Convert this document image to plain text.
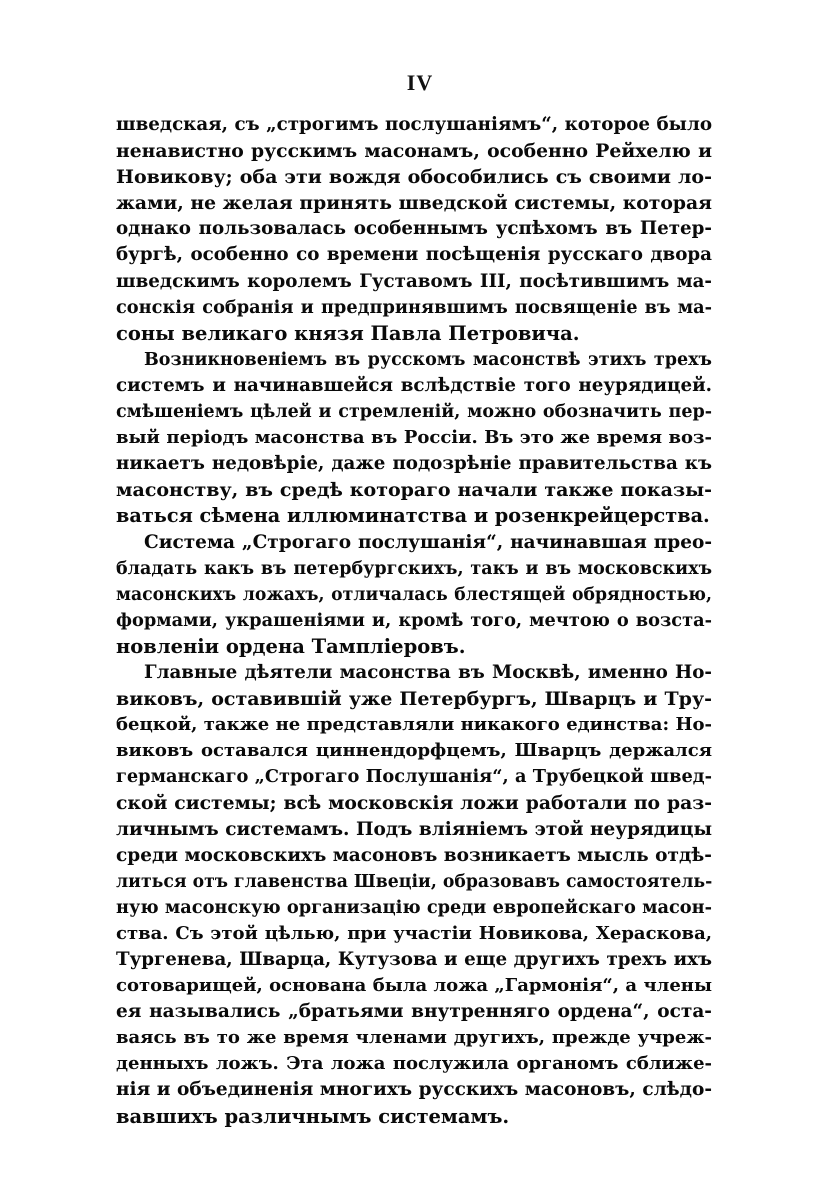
IV
шведская, съ „строгимъ послушаніямъ“, которое было
ненавистно русскимъ масонамъ, особенно Рейхелю и
Новикову; оба эти вождя обособились съ своими ло-
жами, не желая принять шведской системы, которая
однако пользовалась особеннымъ успѣхомъ въ Петер-
бургѣ, особенно со времени посѣщенія русскаго двора
шведскимъ королемъ Густавомъ III, посѣтившимъ ма-
сонскія собранія и предпринявшимъ посвященіе въ ма-
соны великаго князя Павла Петровича.
Возникновеніемъ въ русскомъ масонствѣ этихъ трехъ
системъ и начинавшейся вслѣдствіе того неурядицей.
смѣшеніемъ цѣлей и стремленій, можно обозначить пер-
вый періодъ масонства въ Россіи. Въ это же время воз-
никаетъ недовѣріе, даже подозрѣніе правительства къ
масонству, въ средѣ котораго начали также показы-
ваться сѣмена иллюминатства и розенкрейцерства.
Система „Строгаго послушанія“, начинавшая прео-
бладать какъ въ петербургскихъ, такъ и въ московскихъ
масонскихъ ложахъ, отличалась блестящей обрядностью,
формами, украшеніями и, кромѣ того, мечтою о возста-
новленіи ордена Тампліеровъ.
Главные дѣятели масонства въ Москвѣ, именно Но-
виковъ, оставившій уже Петербургъ, Шварцъ и Тру-
бецкой, также не представляли никакого единства: Но-
виковъ оставался циннендорфцемъ, Шварцъ держался
германскаго „Строгаго Послушанія“, а Трубецкой швед-
ской системы; всѣ московскія ложи работали по раз-
личнымъ системамъ. Подъ вліяніемъ этой неурядицы
среди московскихъ масоновъ возникаетъ мысль отдѣ-
литься отъ главенства Швеціи, образовавъ самостоятель-
ную масонскую организацію среди европейскаго масон-
ства. Съ этой цѣлью, при участіи Новикова, Хераскова,
Тургенева, Шварца, Кутузова и еще другихъ трехъ ихъ
сотоварищей, основана была ложа „Гармонія“, а члены
ея назывались „братьями внутренняго ордена“, оста-
ваясь въ то же время членами другихъ, прежде учреж-
денныхъ ложъ. Эта ложа послужила органомъ сближе-
нія и объединенія многихъ русскихъ масоновъ, слѣдо-
вавшихъ различнымъ системамъ.
